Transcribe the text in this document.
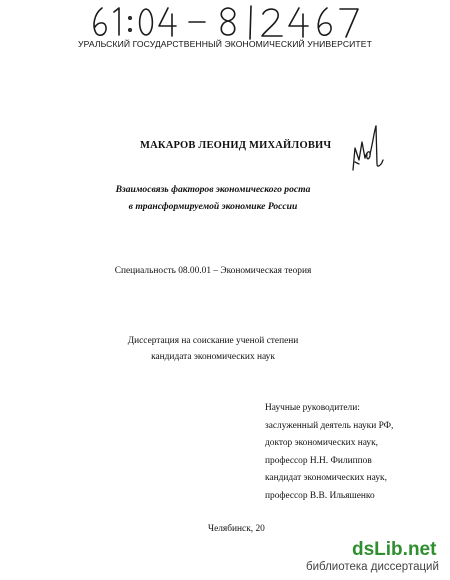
УРАЛЬСКИЙ ГОСУДАРСТВЕННЫЙ ЭКОНОМИЧЕСКИЙ УНИВЕРСИТЕТ
МАКАРОВ ЛЕОНИД МИХАЙЛОВИЧ
Взаимосвязь факторов экономического роста
в трансформируемой экономике России
Специальность 08.00.01 – Экономическая теория
Диссертация на соискание ученой степени
кандидата экономических наук
Научные руководители:
заслуженный деятель науки РФ,
доктор экономических наук,
профессор Н.Н. Филиппов
кандидат экономических наук,
профессор В.В. Ильяшенко
Челябинск, 20
dsLib.net
библиотека диссертаций
